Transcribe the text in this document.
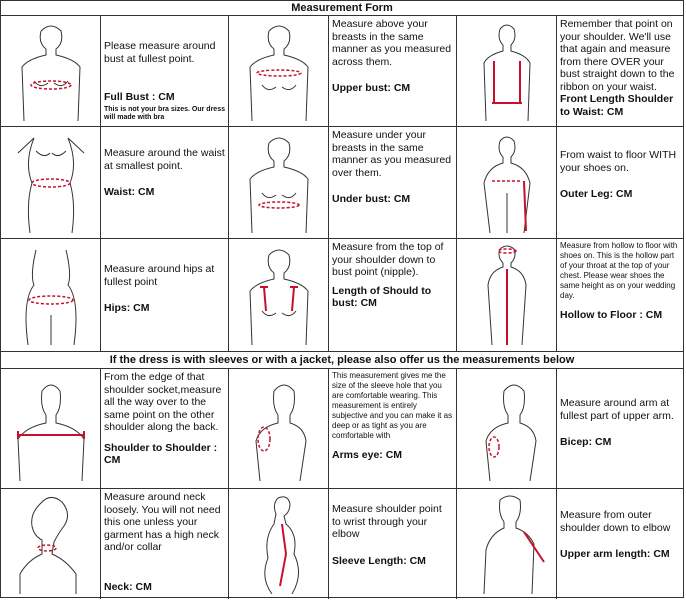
Measurement Form
Please measure around bust at fullest point.
Full Bust : CM
This is not your bra sizes. Our dress will made with bra
Measure above your breasts in the same manner as you measured across them.
Upper bust: CM
Remember that point on your shoulder. We'll use that again and measure from there OVER your bust straight down to the ribbon on your waist.
Front Length Shoulder to Waist: CM
Measure around the waist at smallest point.
Waist: CM
Measure under your breasts in the same manner as you measured over them.
Under bust: CM
From waist to floor WITH your shoes on.
Outer Leg: CM
Measure around hips at fullest point
Hips: CM
Measure from the top of your shoulder down to bust point (nipple).
Length of Should to bust: CM
Measure from hollow to floor with shoes on. This is the hollow part of your throat at the top of your chest. Please wear shoes the same height as on your wedding day.
Hollow to Floor : CM
If the dress is with sleeves or with a jacket, please also offer us the measurements below
From the edge of that shoulder socket,measure all the way over to the same point on the other shoulder along the back.
Shoulder to Shoulder : CM
This measurement gives me the size of the sleeve hole that you are comfortable wearing. This measurement is entirely subjective and you can make it as deep or as tight as you are comfortable with
Arms eye: CM
Measure around arm at fullest part of upper arm.
Bicep: CM
Measure around neck loosely. You will not need this one unless your garment has a high neck and/or collar
Neck: CM
Measure shoulder point to wrist through your elbow
Sleeve Length: CM
Measure from outer shoulder down to elbow
Upper arm length: CM
